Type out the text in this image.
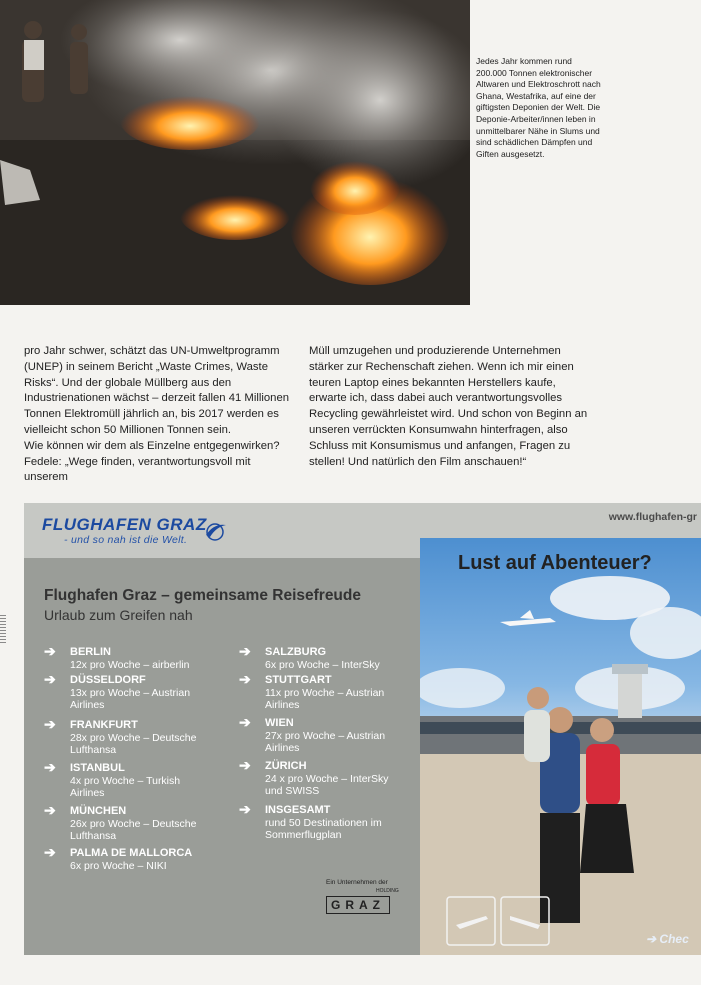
Jedes Jahr kommen rund 200.000 Tonnen elektronischer Altwaren und Elektroschrott nach Ghana, Westafrika, auf eine der giftigsten Deponien der Welt. Die Deponie-Arbeiter/innen leben in unmittelbarer Nähe in Slums und sind schädlichen Dämpfen und Giften ausgesetzt.

pro Jahr schwer, schätzt das UN-Umweltprogramm (UNEP) in seinem Bericht „Waste Crimes, Waste Risks“. Und der globale Müllberg aus den Industrienationen wächst – derzeit fallen 41 Millionen Tonnen Elektromüll jährlich an, bis 2017 werden es vielleicht schon 50 Millionen Tonnen sein.

Wie können wir dem als Einzelne entgegenwirken?

Fedele: „Wege finden, verantwortungsvoll mit unserem

Müll umzugehen und produzierende Unternehmen stärker zur Rechenschaft ziehen. Wenn ich mir einen teuren Laptop eines bekannten Herstellers kaufe, erwarte ich, dass dabei auch verantwortungsvolles Recycling gewährleistet wird. Und schon von Beginn an unseren verrückten Konsumwahn hinterfragen, also Schluss mit Konsumismus und anfangen, Fragen zu stellen! Und natürlich den Film anschauen!“

FLUGHAFEN GRAZ
- und so nah ist die Welt.
www.flughafen-gr
Flughafen Graz – gemeinsame Reisefreude
Urlaub zum Greifen nah
➔ BERLIN
12x pro Woche – airberlin
➔ DÜSSELDORF
13x pro Woche – Austrian Airlines
➔ FRANKFURT
28x pro Woche – Deutsche Lufthansa
➔ ISTANBUL
4x pro Woche – Turkish Airlines
➔ MÜNCHEN
26x pro Woche – Deutsche Lufthansa
➔ PALMA DE MALLORCA
6x pro Woche – NIKI
➔ SALZBURG
6x pro Woche – InterSky
➔ STUTTGART
11x pro Woche – Austrian Airlines
➔ WIEN
27x pro Woche – Austrian Airlines
➔ ZÜRICH
24 x pro Woche – InterSky und SWISS
➔ INSGESAMT
rund 50 Destinationen im Sommerflugplan
Ein Unternehmen der
HOLDING
GRAZ
Lust auf Abenteuer?
➔ Chec
